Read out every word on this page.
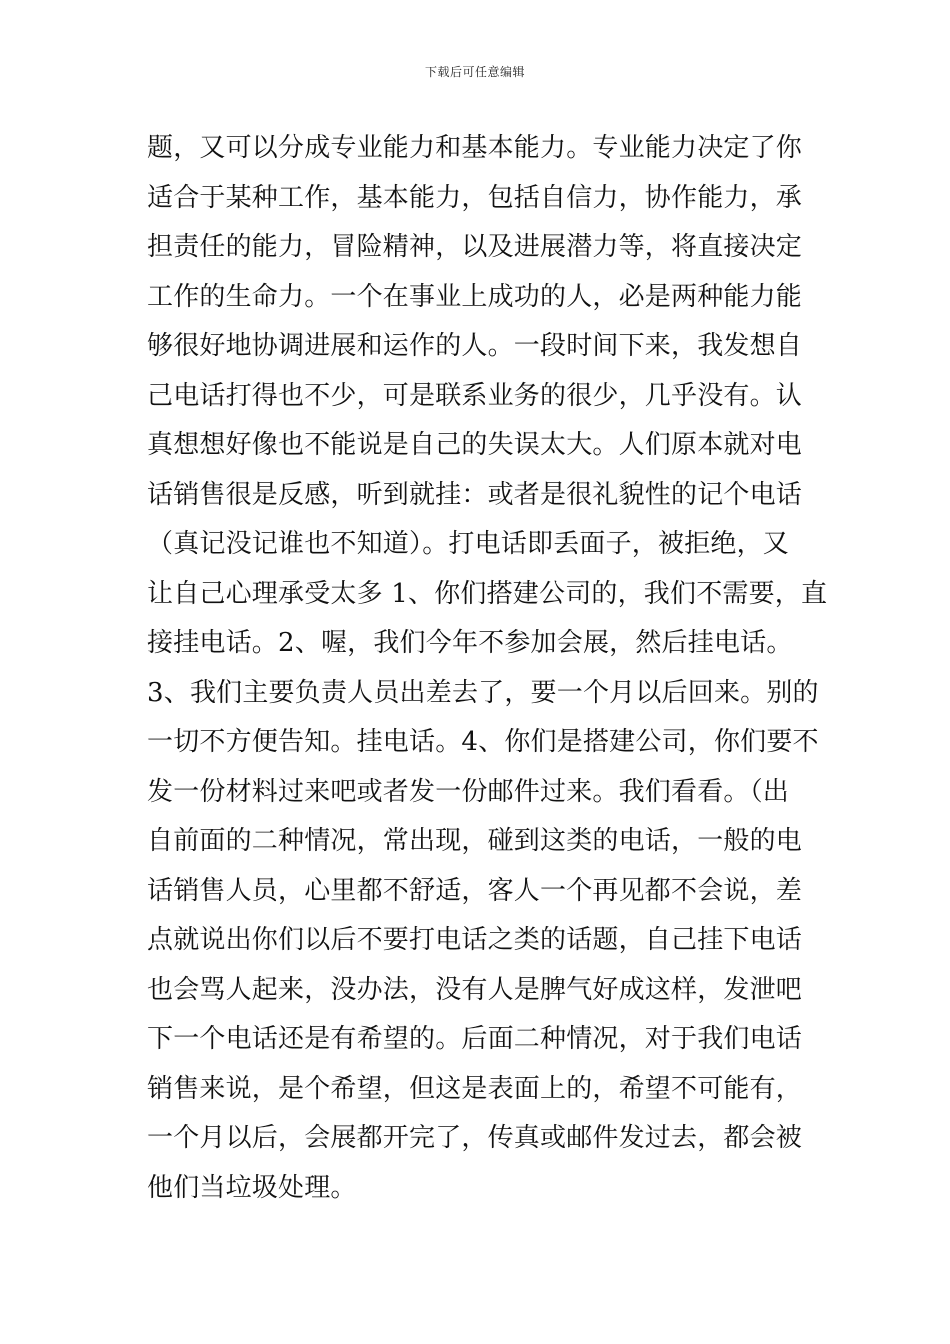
下载后可任意编辑
题，又可以分成专业能力和基本能力。专业能力决定了你
适合于某种工作，基本能力，包括自信力，协作能力，承
担责任的能力，冒险精神，以及进展潜力等，将直接决定
工作的生命力。一个在事业上成功的人，必是两种能力能
够很好地协调进展和运作的人。一段时间下来，我发想自
己电话打得也不少，可是联系业务的很少，几乎没有。认
真想想好像也不能说是自己的失误太大。人们原本就对电
话销售很是反感，听到就挂：或者是很礼貌性的记个电话
（真记没记谁也不知道）。打电话即丢面子，被拒绝，又
让自己心理承受太多 1、你们搭建公司的，我们不需要，直
接挂电话。2、喔，我们今年不参加会展，然后挂电话。
3、我们主要负责人员出差去了，要一个月以后回来。别的
一切不方便告知。挂电话。4、你们是搭建公司，你们要不
发一份材料过来吧或者发一份邮件过来。我们看看。（出
自前面的二种情况，常出现，碰到这类的电话，一般的电
话销售人员，心里都不舒适，客人一个再见都不会说，差
点就说出你们以后不要打电话之类的话题，自己挂下电话
也会骂人起来，没办法，没有人是脾气好成这样，发泄吧
下一个电话还是有希望的。后面二种情况，对于我们电话
销售来说，是个希望，但这是表面上的，希望不可能有，
一个月以后，会展都开完了，传真或邮件发过去，都会被
他们当垃圾处理。
